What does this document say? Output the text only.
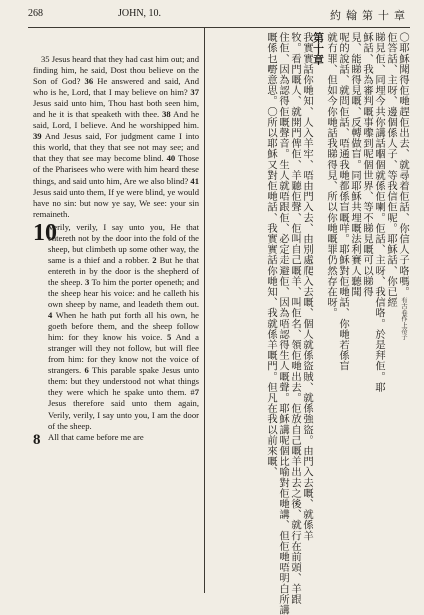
268	JOHN, 10.	約翰第十章

35 Jesus heard that they had cast him out; and finding him, he said, Dost thou believe on the Son of God? 36 He answered and said, And who is he, Lord, that I may believe on him? 37 Jesus said unto him, Thou hast both seen him, and he it is that speaketh with thee. 38 And he said, Lord, I believe. And he worshipped him. 39 And Jesus said, For judgment came I into this world, that they that see not may see; and that they that see may become blind. 40 Those of the Pharisees who were with him heard these things, and said unto him, Are we also blind? 41 Jesus said unto them, If ye were blind, ye would have no sin: but now ye say, We see: your sin remaineth.

10
Verily, verily, I say unto you, He that entereth not by the door into the fold of the sheep, but climbeth up some other way, the same is a thief and a robber. 2 But he that entereth in by the door is the shepherd of the sheep. 3 To him the porter openeth; and the sheep hear his voice: and he calleth his own sheep by name, and leadeth them out. 4 When he hath put forth all his own, he goeth before them, and the sheep follow him: for they know his voice. 5 And a stranger will they not follow, but will flee from him: for they know not the voice of strangers. 6 This parable spake Jesus unto them: but they understood not what things they were which he spake unto them. #7 Jesus therefore said unto them again, Verily, verily, I say unto you, I am the door of the sheep.

8 All that came before me are

〇耶穌聞得佢哋趕佢出去、就尋着佢話、你信人子咯嗎。有古卷作上帝子
佢答話、主呀、邊個係人子、等我信佢呢。耶穌話、你已經
睇見佢、同埋今共你講話嗰個就係佢喇。佢話、主呀、我信咯。於是拜佢。耶
穌話、我為審判嘅事嚟到呢個世界、等不睇見嘅可以睇得
見、能睇得見嘅、反轉做盲。同耶穌共埋嘅法利賽人聽聞
呢的說話、就問佢話、唔通我哋都係盲嘅咩。耶穌對佢哋話、你哋若係盲
就冇罪、但如今你哋話我睇得見、所以你哋嘅罪仍然存在呀。
第十章
我實實話你哋知、人入羊牢、唔由門入去、由別處爬入去嘅、個人就係盜賊、就係強盜。由門入去嘅、就係羊
牧。看門嘅人、就開門俾佢、羊聽佢聲、佢叫自己嘅羊、叫佢名、領佢哋出去。佢放自己嘅羊出去之後、就行在前頭、羊跟
住佢、因為認得佢嘅聲音。生人就唔跟佢、必定走避佢、因為唔認得生人嘅聲。耶穌講呢個比喻對佢哋講、但佢哋唔明白所講
嘅係乜嘢意思。〇所以耶穌又對佢哋話、我實實話你哋知、我就係羊嘅門。但凡在我以前來嘅、
